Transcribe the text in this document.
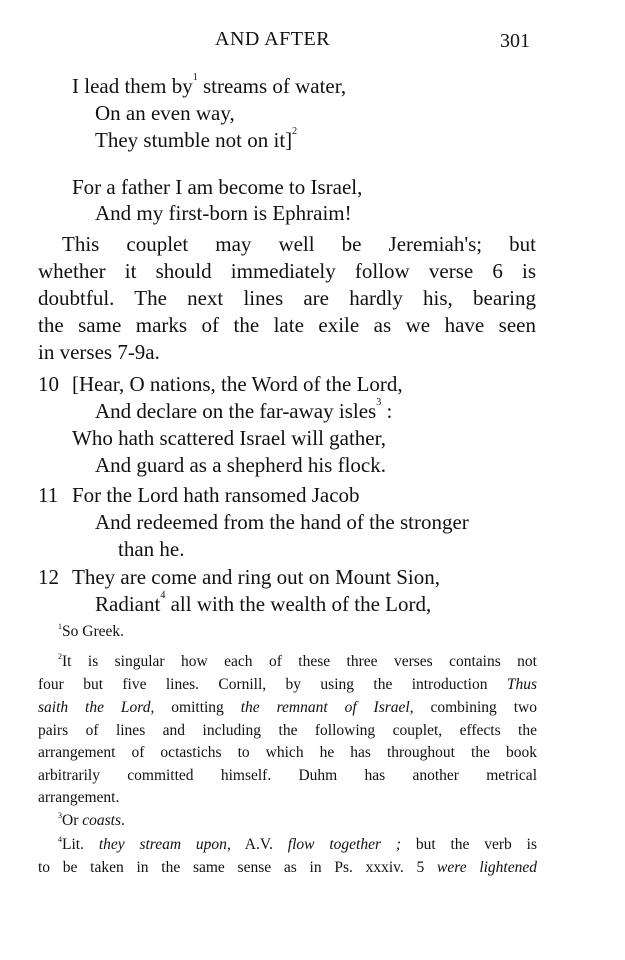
AND AFTER	301
I lead them $by^1$ streams of water,
On an even way,
They stumble not on it]$^2$
For a father I am become to Israel,
And my first-born is Ephraim!
This couplet may well be Jeremiah's; but
whether it should immediately follow verse 6 is
doubtful. The next lines are hardly his, bearing
the same marks of the late exile as we have seen
in verses 7-9a.
10 [Hear, O nations, the Word of the Lord,
And declare on the far-away isles$^3$ :
Who hath scattered Israel will gather,
And guard as a shepherd his flock.
11 For the Lord hath ransomed Jacob
And redeemed from the hand of the stronger
than he.
12 They are come and ring out on Mount Sion,
Radiant$^4$ all with the wealth of the Lord,
$^1$So Greek.
$^2$It is singular how each of these three verses contains not
four but five lines. Cornill, by using the introduction Thus
saith the Lord, omitting the remnant of Israel, combining two
pairs of lines and including the following couplet, effects the
arrangement of octastichs to which he has throughout the book
arbitrarily committed himself. Duhm has another metrical
arrangement.
$^3$Or coasts.
$^4$Lit. they stream upon, A.V. flow together ; but the verb is
to be taken in the same sense as in Ps. xxxiv. 5 were lightened
